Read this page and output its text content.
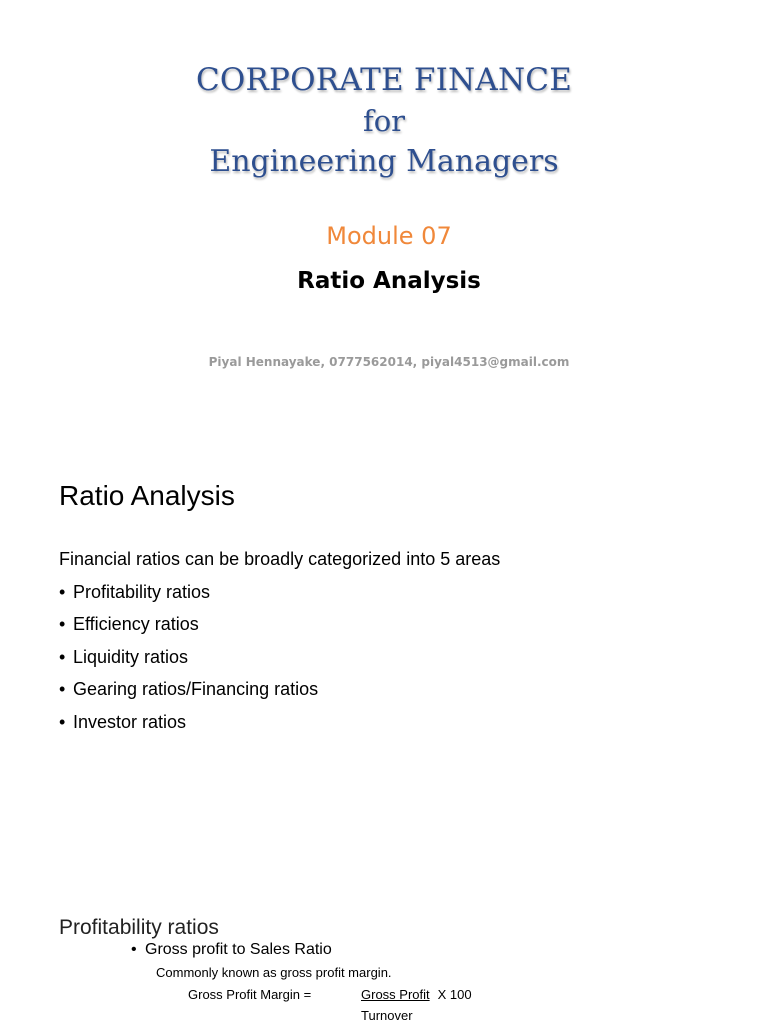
CORPORATE FINANCE
for
Engineering Managers
Module 07
Ratio Analysis
Piyal Hennayake, 0777562014, piyal4513@gmail.com
Ratio Analysis
Financial ratios can be broadly categorized into 5 areas
• Profitability ratios
• Efficiency ratios
• Liquidity ratios
• Gearing ratios/Financing ratios
• Investor ratios
Profitability ratios
• Gross profit to Sales Ratio
Commonly known as gross profit margin.
Gross Profit Margin =	Gross Profit X 100
Turnover
